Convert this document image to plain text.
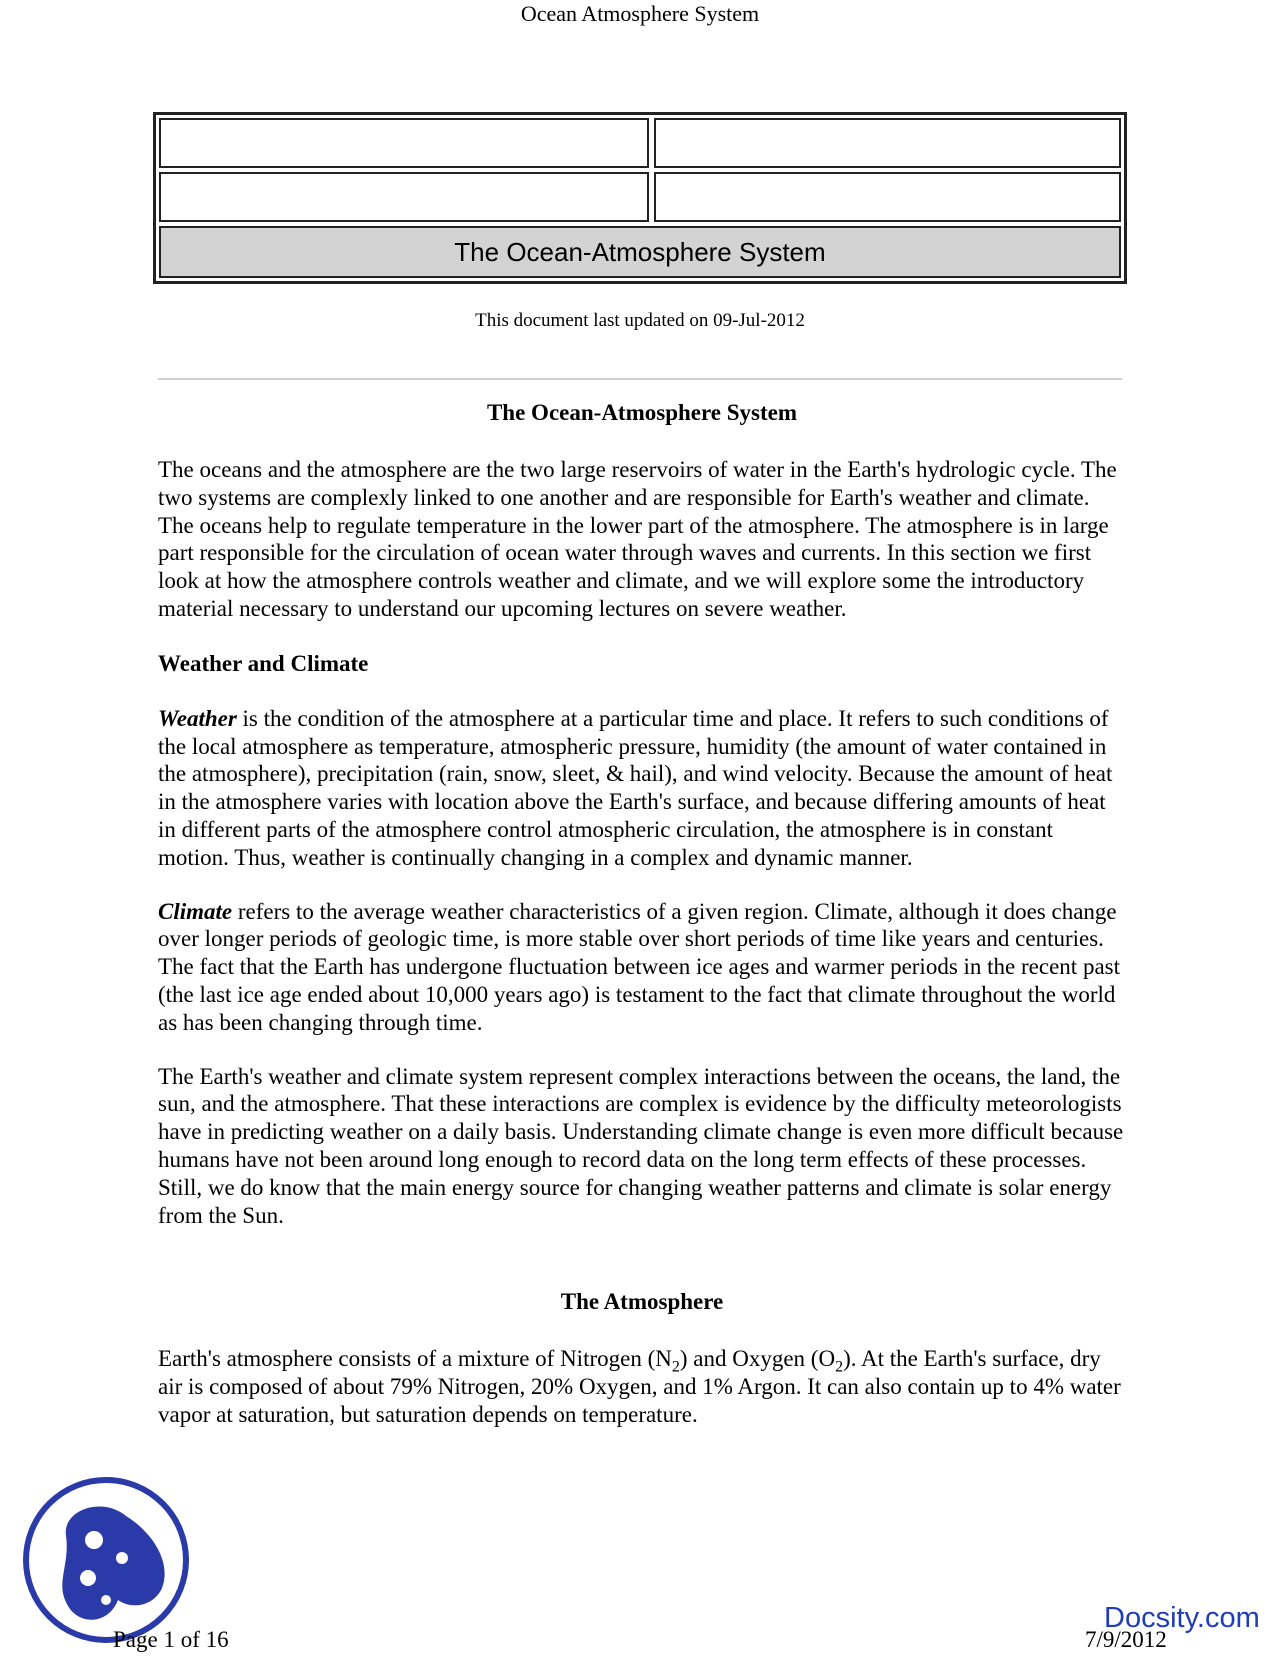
Ocean Atmosphere System
The Ocean-Atmosphere System
This document last updated on 09-Jul-2012
The Ocean-Atmosphere System

The oceans and the atmosphere are the two large reservoirs of water in the Earth's hydrologic cycle. The two systems are complexly linked to one another and are responsible for Earth's weather and climate. The oceans help to regulate temperature in the lower part of the atmosphere. The atmosphere is in large part responsible for the circulation of ocean water through waves and currents. In this section we first look at how the atmosphere controls weather and climate, and we will explore some the introductory material necessary to understand our upcoming lectures on severe weather.

Weather and Climate

Weather is the condition of the atmosphere at a particular time and place. It refers to such conditions of the local atmosphere as temperature, atmospheric pressure, humidity (the amount of water contained in the atmosphere), precipitation (rain, snow, sleet, & hail), and wind velocity. Because the amount of heat in the atmosphere varies with location above the Earth's surface, and because differing amounts of heat in different parts of the atmosphere control atmospheric circulation, the atmosphere is in constant motion. Thus, weather is continually changing in a complex and dynamic manner.

Climate refers to the average weather characteristics of a given region. Climate, although it does change over longer periods of geologic time, is more stable over short periods of time like years and centuries. The fact that the Earth has undergone fluctuation between ice ages and warmer periods in the recent past (the last ice age ended about 10,000 years ago) is testament to the fact that climate throughout the world as has been changing through time.

The Earth's weather and climate system represent complex interactions between the oceans, the land, the sun, and the atmosphere. That these interactions are complex is evidence by the difficulty meteorologists have in predicting weather on a daily basis. Understanding climate change is even more difficult because humans have not been around long enough to record data on the long term effects of these processes. Still, we do know that the main energy source for changing weather patterns and climate is solar energy from the Sun.

The Atmosphere

Earth's atmosphere consists of a mixture of Nitrogen $(N_2)$ and Oxygen $(O_2)$. At the Earth's surface, dry air is composed of about 79% Nitrogen, 20% Oxygen, and 1% Argon. It can also contain up to 4% water vapor at saturation, but saturation depends on temperature.

Docsity.com
Page 1 of 16	7/9/2012
